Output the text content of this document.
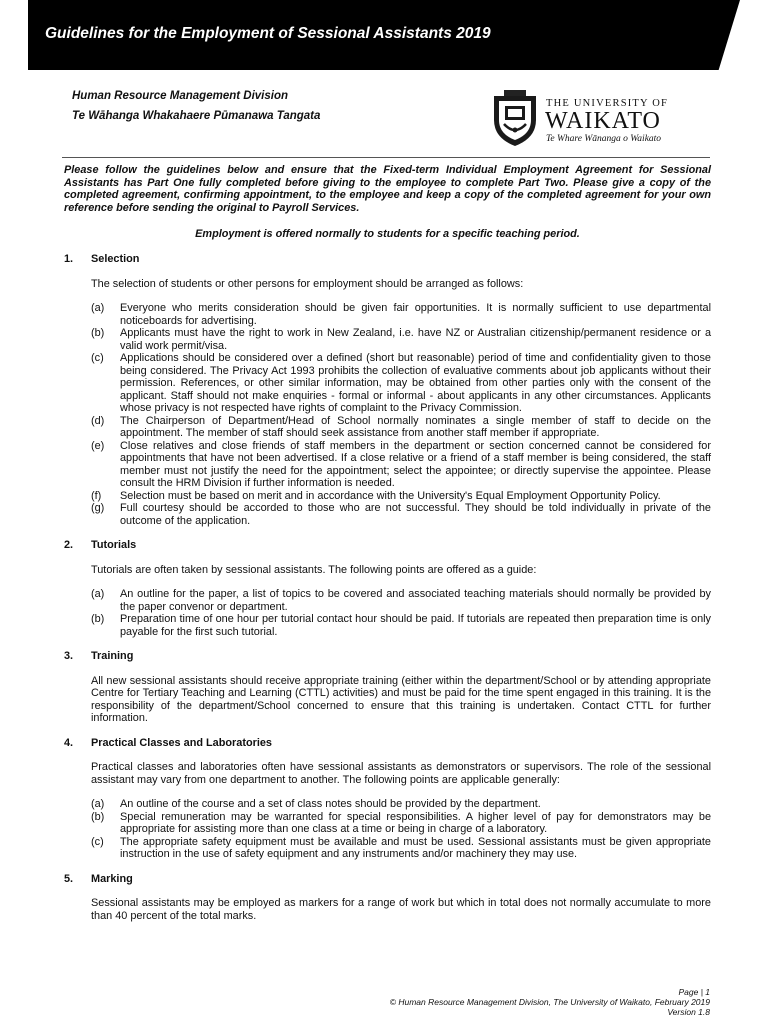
Guidelines for the Employment of Sessional Assistants 2019
Human Resource Management Division
Te Wāhanga Whakahaere Pūmanawa Tangata
THE UNIVERSITY OF
WAIKATO
Te Whare Wānanga o Waikato
Please follow the guidelines below and ensure that the Fixed-term Individual Employment Agreement for Sessional Assistants has Part One fully completed before giving to the employee to complete Part Two. Please give a copy of the completed agreement, confirming appointment, to the employee and keep a copy of the completed agreement for your own reference before sending the original to Payroll Services.
Employment is offered normally to students for a specific teaching period.
1.	Selection
The selection of students or other persons for employment should be arranged as follows:
(a)	Everyone who merits consideration should be given fair opportunities. It is normally sufficient to use departmental noticeboards for advertising.
(b)	Applicants must have the right to work in New Zealand, i.e. have NZ or Australian citizenship/permanent residence or a valid work permit/visa.
(c)	Applications should be considered over a defined (short but reasonable) period of time and confidentiality given to those being considered. The Privacy Act 1993 prohibits the collection of evaluative comments about job applicants without their permission. References, or other similar information, may be obtained from other parties only with the consent of the applicant. Staff should not make enquiries - formal or informal - about applicants in any other circumstances. Applicants whose privacy is not respected have rights of complaint to the Privacy Commission.
(d)	The Chairperson of Department/Head of School normally nominates a single member of staff to decide on the appointment. The member of staff should seek assistance from another staff member if appropriate.
(e)	Close relatives and close friends of staff members in the department or section concerned cannot be considered for appointments that have not been advertised. If a close relative or a friend of a staff member is being considered, the staff member must not justify the need for the appointment; select the appointee; or directly supervise the appointee. Please consult the HRM Division if further information is needed.
(f)	Selection must be based on merit and in accordance with the University's Equal Employment Opportunity Policy.
(g)	Full courtesy should be accorded to those who are not successful. They should be told individually in private of the outcome of the application.
2.	Tutorials
Tutorials are often taken by sessional assistants. The following points are offered as a guide:
(a)	An outline for the paper, a list of topics to be covered and associated teaching materials should normally be provided by the paper convenor or department.
(b)	Preparation time of one hour per tutorial contact hour should be paid. If tutorials are repeated then preparation time is only payable for the first such tutorial.
3.	Training
All new sessional assistants should receive appropriate training (either within the department/School or by attending appropriate Centre for Tertiary Teaching and Learning (CTTL) activities) and must be paid for the time spent engaged in this training. It is the responsibility of the department/School concerned to ensure that this training is undertaken. Contact CTTL for further information.
4.	Practical Classes and Laboratories
Practical classes and laboratories often have sessional assistants as demonstrators or supervisors. The role of the sessional assistant may vary from one department to another. The following points are applicable generally:
(a)	An outline of the course and a set of class notes should be provided by the department.
(b)	Special remuneration may be warranted for special responsibilities. A higher level of pay for demonstrators may be appropriate for assisting more than one class at a time or being in charge of a laboratory.
(c)	The appropriate safety equipment must be available and must be used. Sessional assistants must be given appropriate instruction in the use of safety equipment and any instruments and/or machinery they may use.
5.	Marking
Sessional assistants may be employed as markers for a range of work but which in total does not normally accumulate to more than 40 percent of the total marks.
Page | 1
© Human Resource Management Division, The University of Waikato, February 2019
Version 1.8
